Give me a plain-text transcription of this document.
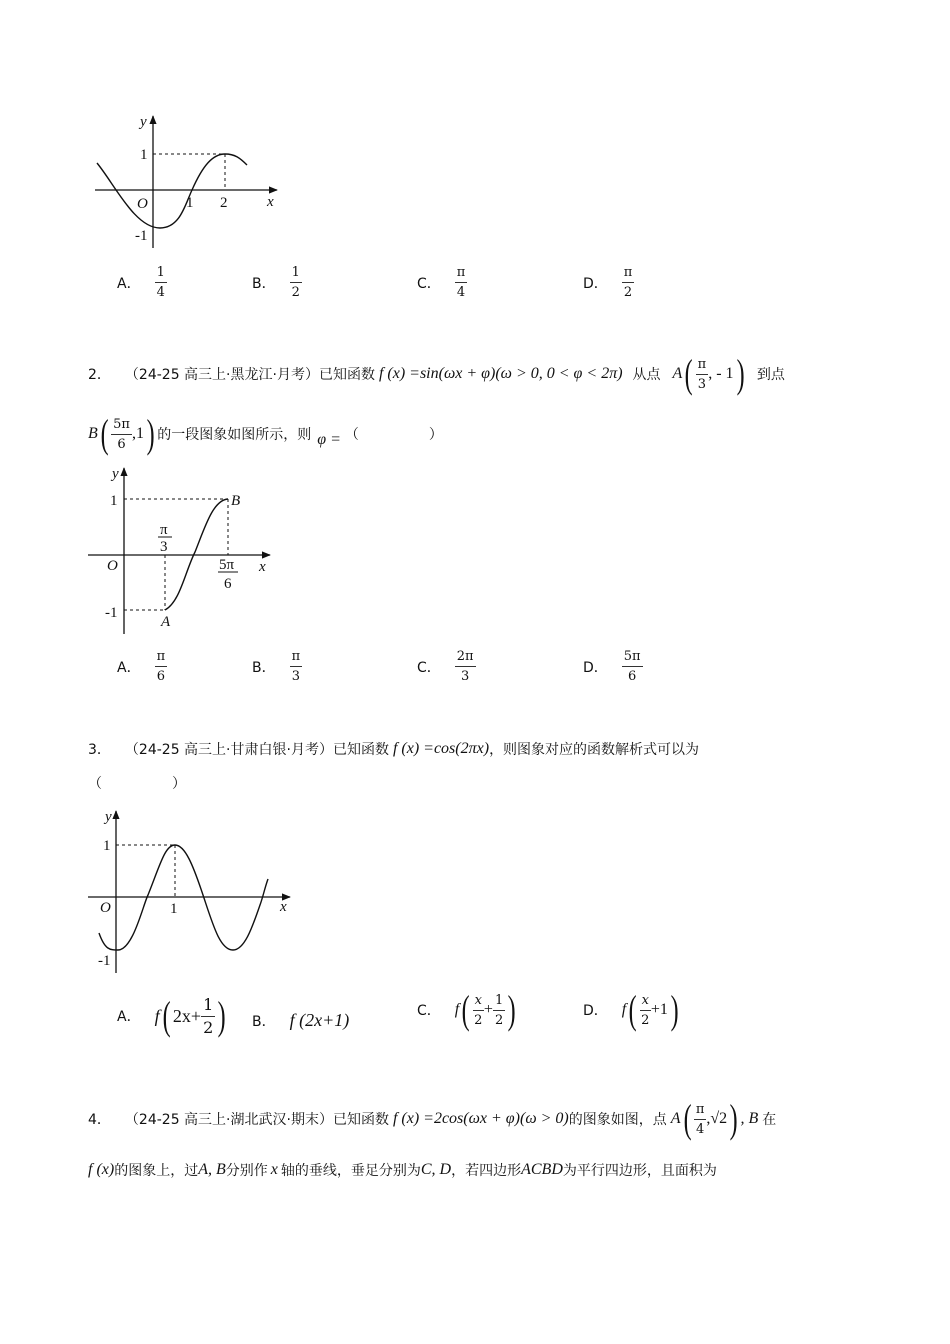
y
x
O
1
-1
1 2
A． $\frac{1}{4}$	B． $\frac{1}{2}$	C． $\frac{\pi}{4}$	D． $\frac{\pi}{2}$
2． （24-25 高三上·黑龙江·月考）已知函数 f (x) =sin(ωx + φ)(ω > 0, 0 < φ < 2π) 从点 A ( $\frac{\pi}{3}$ , - 1 ) 到点
B ( $\frac{5\pi}{6} ,1$ ) 的一段图象如图所示，则 φ = （	）
y
x
O
1
-1
B
A
π
3
5π
6
A． $\frac{\pi}{6}$	B． $\frac{\pi}{3}$	C． $\frac{2\pi}{3}$	D． $\frac{5\pi}{6}$
3． （24-25 高三上·甘肃白银·月考）已知函数 f (x) =cos(2πx) ，则图象对应的函数解析式可以为
（	）
y
x
O
1
-1
1
A． f ( $2x+ \frac{1}{2}$ ) B． f (2x+1)	C． f ( $\frac{x}{2} + \frac{1}{2}$ )	D． f ( $\frac{x}{2} +1$ )
4． （24-25 高三上·湖北武汉·期末）已知函数 f (x) =2cos(ωx + φ)(ω > 0) 的图象如图，点 A ( $\frac{\pi}{4} ,√2$ ) , B 在
f (x) 的图象上，过 A, B 分别作 x 轴的垂线，垂足分别为 C, D ，若四边形 ACBD 为平行四边形，且面积为
